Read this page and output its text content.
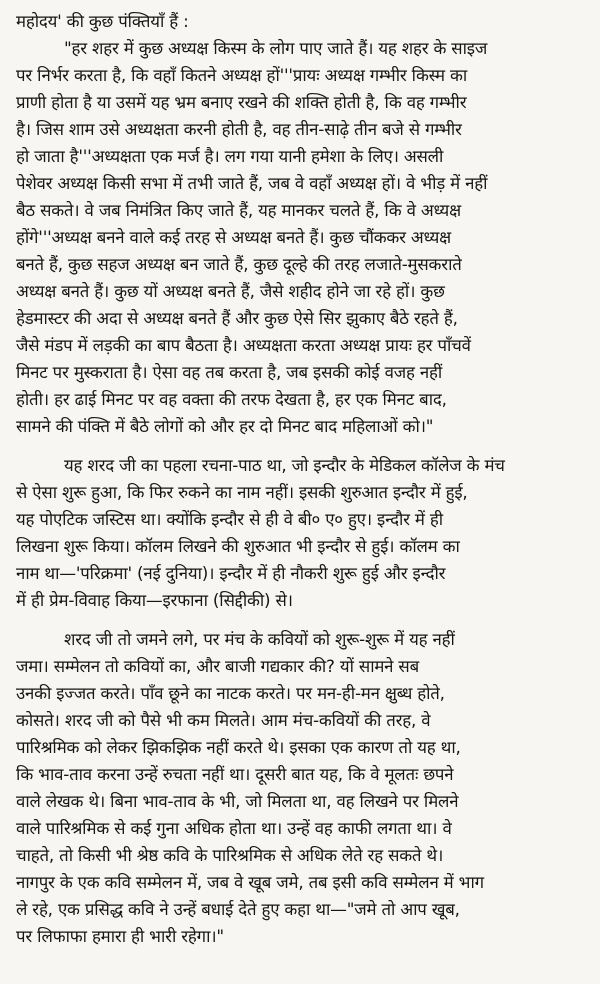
महोदय' की कुछ पंक्तियाँ हैं :
"हर शहर में कुछ अध्यक्ष किस्म के लोग पाए जाते हैं। यह शहर के साइज
पर निर्भर करता है, कि वहाँ कितने अध्यक्ष हों'''प्रायः अध्यक्ष गम्भीर किस्म का
प्राणी होता है या उसमें यह भ्रम बनाए रखने की शक्ति होती है, कि वह गम्भीर
है। जिस शाम उसे अध्यक्षता करनी होती है, वह तीन-साढ़े तीन बजे से गम्भीर
हो जाता है'''अध्यक्षता एक मर्ज है। लग गया यानी हमेशा के लिए। असली
पेशेवर अध्यक्ष किसी सभा में तभी जाते हैं, जब वे वहाँ अध्यक्ष हों। वे भीड़ में नहीं
बैठ सकते। वे जब निमंत्रित किए जाते हैं, यह मानकर चलते हैं, कि वे अध्यक्ष
होंगे'''अध्यक्ष बनने वाले कई तरह से अध्यक्ष बनते हैं। कुछ चौंककर अध्यक्ष
बनते हैं, कुछ सहज अध्यक्ष बन जाते हैं, कुछ दूल्हे की तरह लजाते-मुसकराते
अध्यक्ष बनते हैं। कुछ यों अध्यक्ष बनते हैं, जैसे शहीद होने जा रहे हों। कुछ
हेडमास्टर की अदा से अध्यक्ष बनते हैं और कुछ ऐसे सिर झुकाए बैठे रहते हैं,
जैसे मंडप में लड़की का बाप बैठता है। अध्यक्षता करता अध्यक्ष प्रायः हर पाँचवें
मिनट पर मुस्कराता है। ऐसा वह तब करता है, जब इसकी कोई वजह नहीं
होती। हर ढाई मिनट पर वह वक्ता की तरफ देखता है, हर एक मिनट बाद,
सामने की पंक्ति में बैठे लोगों को और हर दो मिनट बाद महिलाओं को।"
यह शरद जी का पहला रचना-पाठ था, जो इन्दौर के मेडिकल कॉलेज के मंच
से ऐसा शुरू हुआ, कि फिर रुकने का नाम नहीं। इसकी शुरुआत इन्दौर में हुई,
यह पोएटिक जस्टिस था। क्योंकि इन्दौर से ही वे बी० ए० हुए। इन्दौर में ही
लिखना शुरू किया। कॉलम लिखने की शुरुआत भी इन्दौर से हुई। कॉलम का
नाम था—'परिक्रमा' (नई दुनिया)। इन्दौर में ही नौकरी शुरू हुई और इन्दौर
में ही प्रेम-विवाह किया—इरफाना (सिद्दीकी) से।
शरद जी तो जमने लगे, पर मंच के कवियों को शुरू-शुरू में यह नहीं
जमा। सम्मेलन तो कवियों का, और बाजी गद्यकार की? यों सामने सब
उनकी इज्जत करते। पाँव छूने का नाटक करते। पर मन-ही-मन क्षुब्ध होते,
कोसते। शरद जी को पैसे भी कम मिलते। आम मंच-कवियों की तरह, वे
पारिश्रमिक को लेकर झिकझिक नहीं करते थे। इसका एक कारण तो यह था,
कि भाव-ताव करना उन्हें रुचता नहीं था। दूसरी बात यह, कि वे मूलतः छपने
वाले लेखक थे। बिना भाव-ताव के भी, जो मिलता था, वह लिखने पर मिलने
वाले पारिश्रमिक से कई गुना अधिक होता था। उन्हें वह काफी लगता था। वे
चाहते, तो किसी भी श्रेष्ठ कवि के पारिश्रमिक से अधिक लेते रह सकते थे।
नागपुर के एक कवि सम्मेलन में, जब वे खूब जमे, तब इसी कवि सम्मेलन में भाग
ले रहे, एक प्रसिद्ध कवि ने उन्हें बधाई देते हुए कहा था—"जमे तो आप खूब,
पर लिफाफा हमारा ही भारी रहेगा।"
